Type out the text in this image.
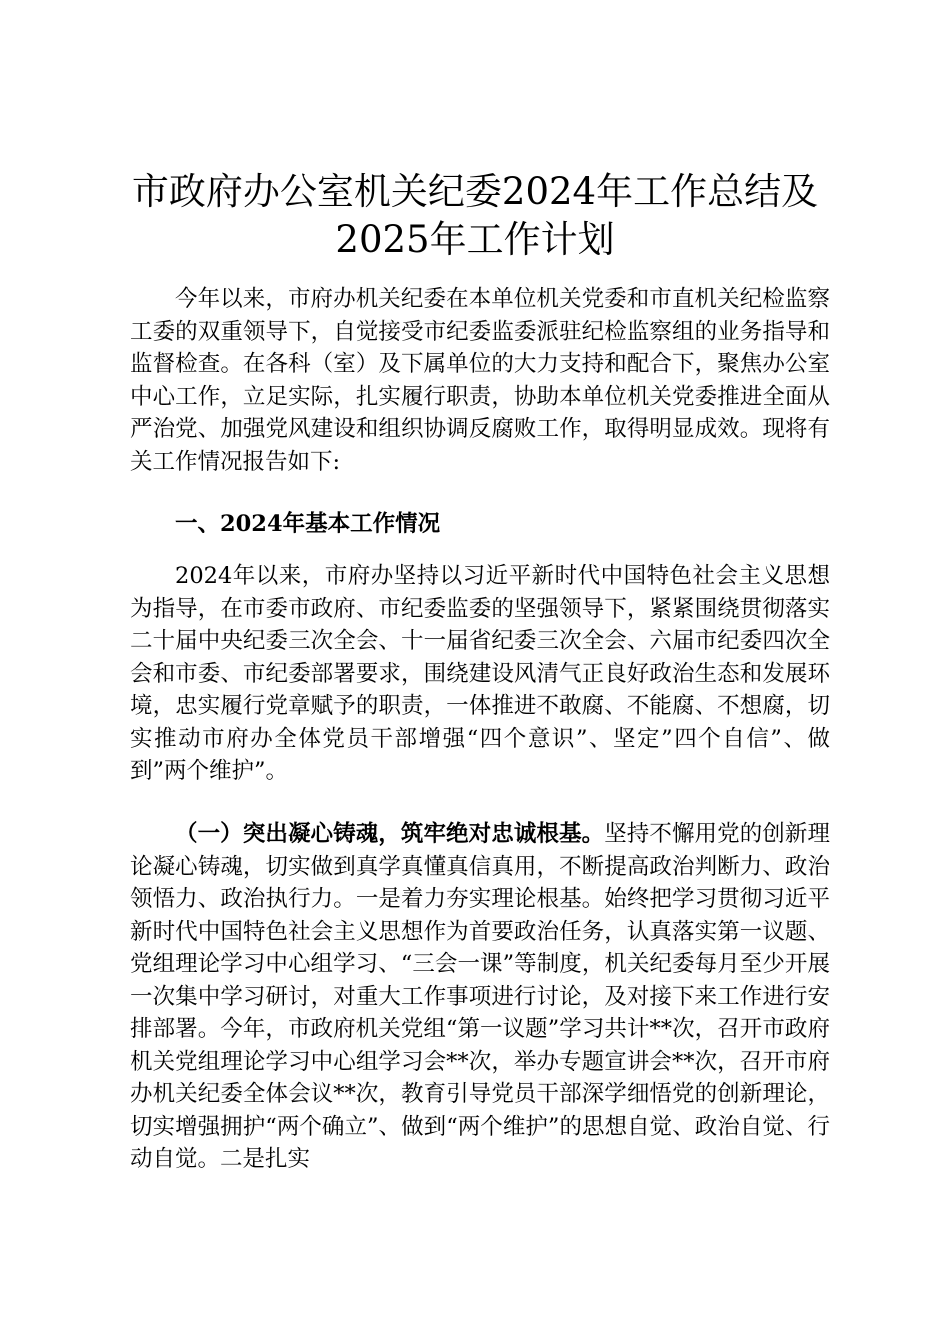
市政府办公室机关纪委2024年工作总结及
2025年工作计划

今年以来，市府办机关纪委在本单位机关党委和市直机关纪检监察工委的双重领导下，自觉接受市纪委监委派驻纪检监察组的业务指导和监督检查。在各科（室）及下属单位的大力支持和配合下，聚焦办公室中心工作，立足实际，扎实履行职责，协助本单位机关党委推进全面从严治党、加强党风建设和组织协调反腐败工作，取得明显成效。现将有关工作情况报告如下:

一、2024年基本工作情况

2024年以来，市府办坚持以习近平新时代中国特色社会主义思想为指导，在市委市政府、市纪委监委的坚强领导下，紧紧围绕贯彻落实二十届中央纪委三次全会、十一届省纪委三次全会、六届市纪委四次全会和市委、市纪委部署要求，围绕建设风清气正良好政治生态和发展环境，忠实履行党章赋予的职责，一体推进不敢腐、不能腐、不想腐，切实推动市府办全体党员干部增强“四个意识”、坚定”四个自信”、做到”两个维护”。

（一）突出凝心铸魂，筑牢绝对忠诚根基。坚持不懈用党的创新理论凝心铸魂，切实做到真学真懂真信真用，不断提高政治判断力、政治领悟力、政治执行力。一是着力夯实理论根基。始终把学习贯彻习近平新时代中国特色社会主义思想作为首要政治任务，认真落实第一议题、党组理论学习中心组学习、“三会一课”等制度，机关纪委每月至少开展一次集中学习研讨，对重大工作事项进行讨论，及对接下来工作进行安排部署。今年，市政府机关党组“第一议题”学习共计**次，召开市政府机关党组理论学习中心组学习会**次，举办专题宣讲会**次，召开市府办机关纪委全体会议**次，教育引导党员干部深学细悟党的创新理论，切实增强拥护“两个确立”、做到“两个维护”的思想自觉、政治自觉、行动自觉。二是扎实
